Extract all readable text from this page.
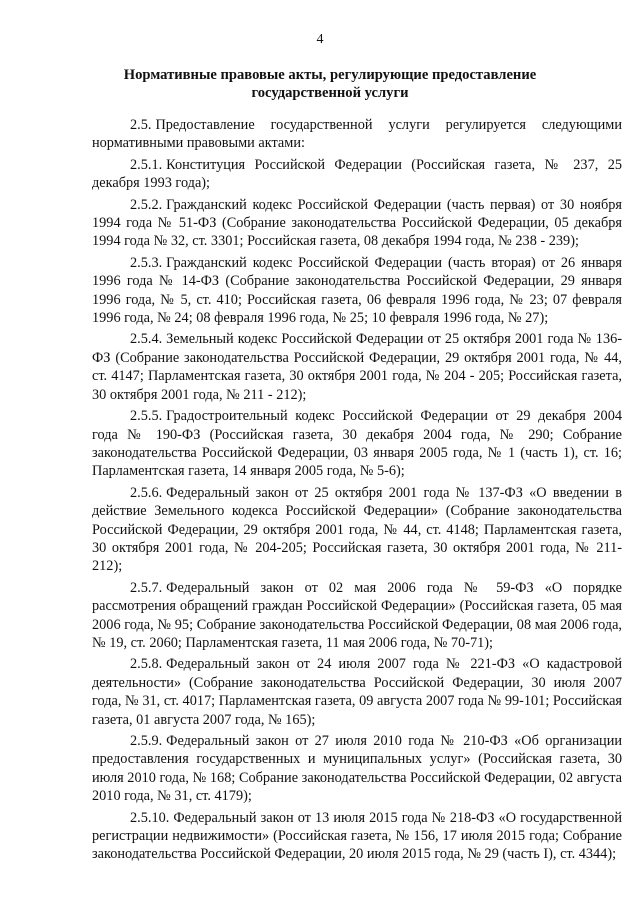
4
Нормативные правовые акты, регулирующие предоставление
государственной услуги

2.5. Предоставление государственной услуги регулируется следующими нормативными правовыми актами:

2.5.1. Конституция Российской Федерации (Российская газета, № 237, 25 декабря 1993 года);

2.5.2. Гражданский кодекс Российской Федерации (часть первая) от 30 ноября 1994 года № 51-ФЗ (Собрание законодательства Российской Федерации, 05 декабря 1994 года № 32, ст. 3301; Российская газета, 08 декабря 1994 года, № 238 - 239);

2.5.3. Гражданский кодекс Российской Федерации (часть вторая) от 26 января 1996 года № 14-ФЗ (Собрание законодательства Российской Федерации, 29 января 1996 года, № 5, ст. 410; Российская газета, 06 февраля 1996 года, № 23; 07 февраля 1996 года, № 24; 08 февраля 1996 года, № 25; 10 февраля 1996 года, № 27);

2.5.4. Земельный кодекс Российской Федерации от 25 октября 2001 года № 136-ФЗ (Собрание законодательства Российской Федерации, 29 октября 2001 года, № 44, ст. 4147; Парламентская газета, 30 октября 2001 года, № 204 - 205; Российская газета, 30 октября 2001 года, № 211 - 212);

2.5.5. Градостроительный кодекс Российской Федерации от 29 декабря 2004 года № 190-ФЗ (Российская газета, 30 декабря 2004 года, № 290; Собрание законодательства Российской Федерации, 03 января 2005 года, № 1 (часть 1), ст. 16; Парламентская газета, 14 января 2005 года, № 5-6);

2.5.6. Федеральный закон от 25 октября 2001 года № 137-ФЗ «О введении в действие Земельного кодекса Российской Федерации» (Собрание законодательства Российской Федерации, 29 октября 2001 года, № 44, ст. 4148; Парламентская газета, 30 октября 2001 года, № 204-205; Российская газета, 30 октября 2001 года, № 211-212);

2.5.7. Федеральный закон от 02 мая 2006 года № 59-ФЗ «О порядке рассмотрения обращений граждан Российской Федерации» (Российская газета, 05 мая 2006 года, № 95; Собрание законодательства Российской Федерации, 08 мая 2006 года, № 19, ст. 2060; Парламентская газета, 11 мая 2006 года, № 70-71);

2.5.8. Федеральный закон от 24 июля 2007 года № 221-ФЗ «О кадастровой деятельности» (Собрание законодательства Российской Федерации, 30 июля 2007 года, № 31, ст. 4017; Парламентская газета, 09 августа 2007 года № 99-101; Российская газета, 01 августа 2007 года, № 165);

2.5.9. Федеральный закон от 27 июля 2010 года № 210-ФЗ «Об организации предоставления государственных и муниципальных услуг» (Российская газета, 30 июля 2010 года, № 168; Собрание законодательства Российской Федерации, 02 августа 2010 года, № 31, ст. 4179);

2.5.10. Федеральный закон от 13 июля 2015 года № 218-ФЗ «О государственной регистрации недвижимости» (Российская газета, № 156, 17 июля 2015 года; Собрание законодательства Российской Федерации, 20 июля 2015 года, № 29 (часть I), ст. 4344);
